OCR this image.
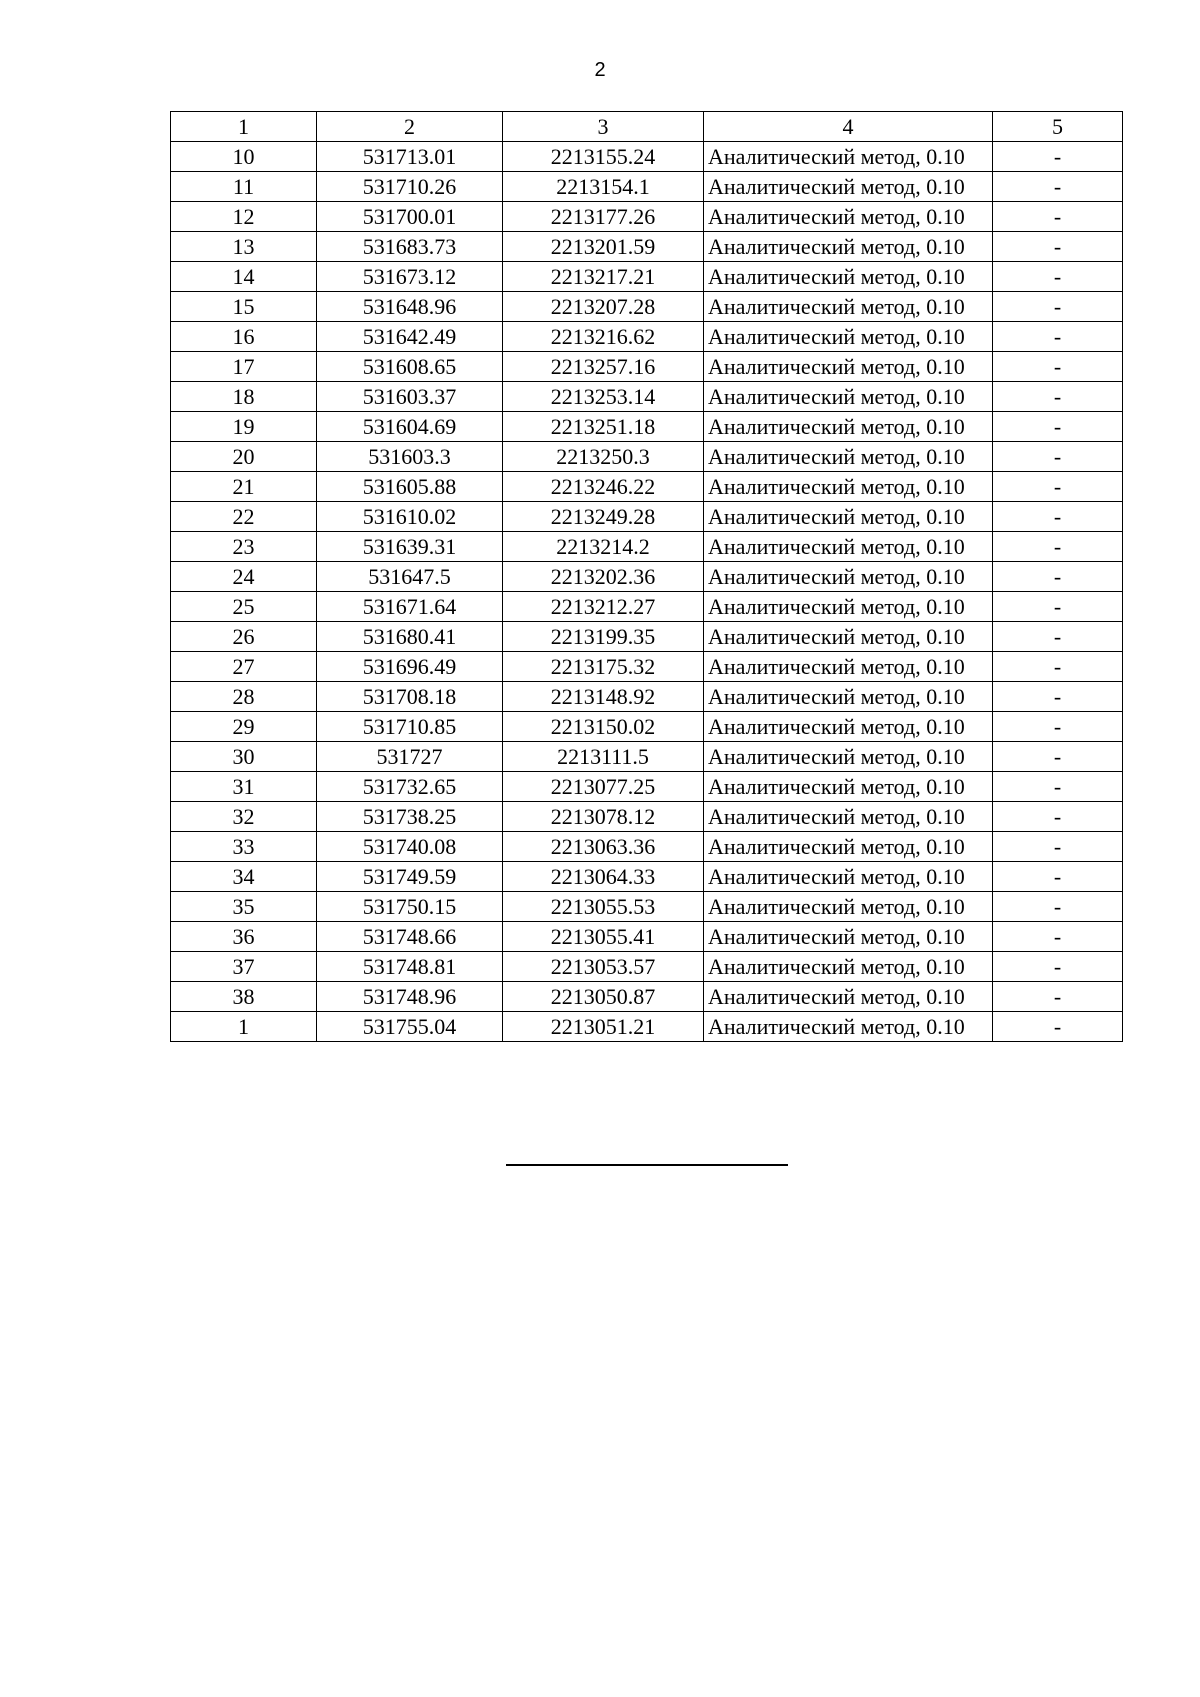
2
1	2	3	4	5
10	531713.01	2213155.24	Аналитический метод, 0.10	-
11	531710.26	2213154.1	Аналитический метод, 0.10	-
12	531700.01	2213177.26	Аналитический метод, 0.10	-
13	531683.73	2213201.59	Аналитический метод, 0.10	-
14	531673.12	2213217.21	Аналитический метод, 0.10	-
15	531648.96	2213207.28	Аналитический метод, 0.10	-
16	531642.49	2213216.62	Аналитический метод, 0.10	-
17	531608.65	2213257.16	Аналитический метод, 0.10	-
18	531603.37	2213253.14	Аналитический метод, 0.10	-
19	531604.69	2213251.18	Аналитический метод, 0.10	-
20	531603.3	2213250.3	Аналитический метод, 0.10	-
21	531605.88	2213246.22	Аналитический метод, 0.10	-
22	531610.02	2213249.28	Аналитический метод, 0.10	-
23	531639.31	2213214.2	Аналитический метод, 0.10	-
24	531647.5	2213202.36	Аналитический метод, 0.10	-
25	531671.64	2213212.27	Аналитический метод, 0.10	-
26	531680.41	2213199.35	Аналитический метод, 0.10	-
27	531696.49	2213175.32	Аналитический метод, 0.10	-
28	531708.18	2213148.92	Аналитический метод, 0.10	-
29	531710.85	2213150.02	Аналитический метод, 0.10	-
30	531727	2213111.5	Аналитический метод, 0.10	-
31	531732.65	2213077.25	Аналитический метод, 0.10	-
32	531738.25	2213078.12	Аналитический метод, 0.10	-
33	531740.08	2213063.36	Аналитический метод, 0.10	-
34	531749.59	2213064.33	Аналитический метод, 0.10	-
35	531750.15	2213055.53	Аналитический метод, 0.10	-
36	531748.66	2213055.41	Аналитический метод, 0.10	-
37	531748.81	2213053.57	Аналитический метод, 0.10	-
38	531748.96	2213050.87	Аналитический метод, 0.10	-
1	531755.04	2213051.21	Аналитический метод, 0.10	-
